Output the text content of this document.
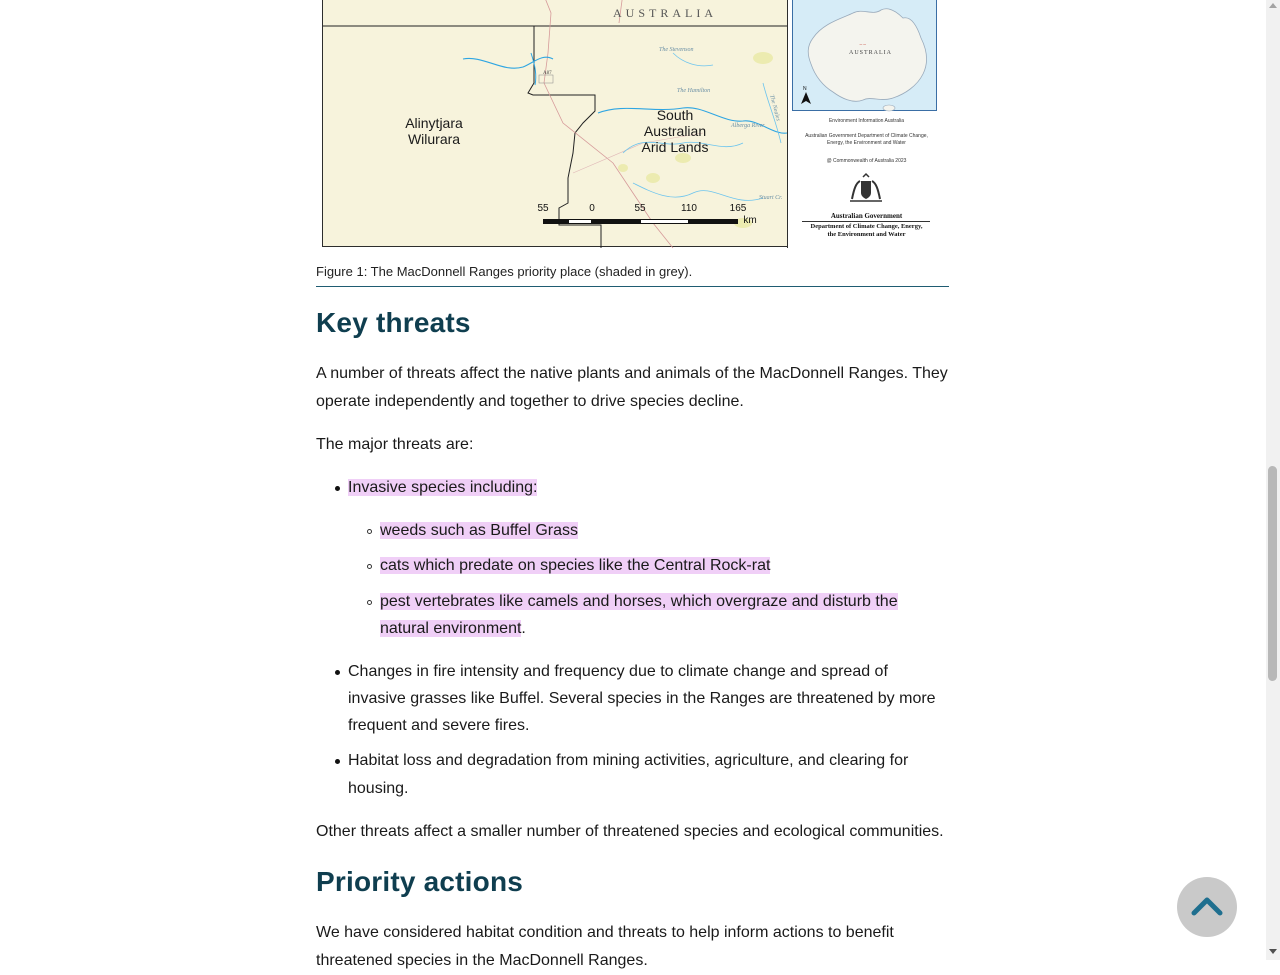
AUSTRALIA
Alinytjara
Wilurara
South
Australian
Arid Lands
The Stevenson
The Hamilton
Alberga River
The Neales
Stuart Cr.
A87
55	0	55	110	165
km
⁻⁻
AUSTRALIA
N
Environment Information Australia
Australian Government Department of Climate Change, Energy, the Environment and Water
@ Commonwealth of Australia 2023
Australian Government
Department of Climate Change, Energy,
the Environment and Water
Figure 1: The MacDonnell Ranges priority place (shaded in grey).
Key threats

A number of threats affect the native plants and animals of the MacDonnell Ranges. They
operate independently and together to drive species decline.

The major threats are:

Invasive species including:
weeds such as Buffel Grass
cats which predate on species like the Central Rock-rat
pest vertebrates like camels and horses, which overgraze and disturb the
natural environment.
Changes in fire intensity and frequency due to climate change and spread of
invasive grasses like Buffel. Several species in the Ranges are threatened by more
frequent and severe fires.
Habitat loss and degradation from mining activities, agriculture, and clearing for
housing.

Other threats affect a smaller number of threatened species and ecological communities.

Priority actions

We have considered habitat condition and threats to help inform actions to benefit
threatened species in the MacDonnell Ranges.
